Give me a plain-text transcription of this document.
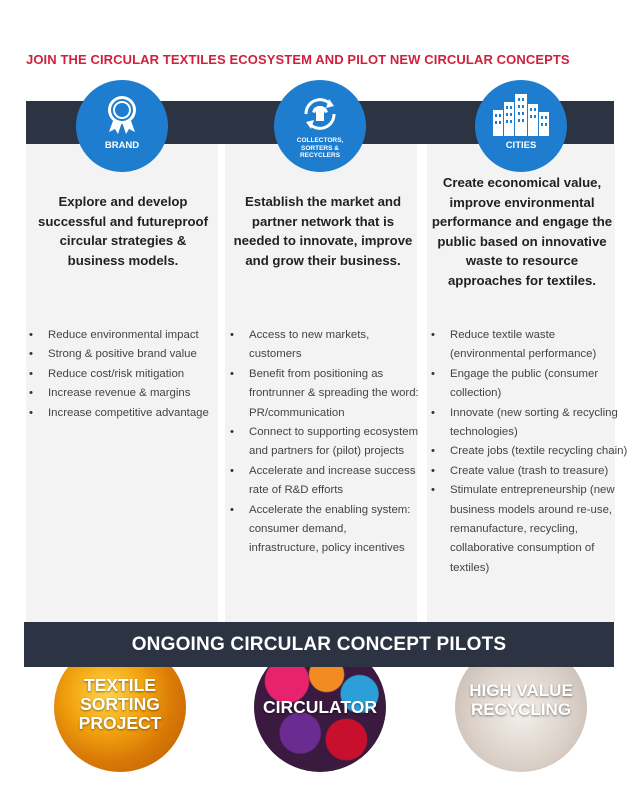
JOIN THE CIRCULAR TEXTILES ECOSYSTEM AND PILOT NEW CIRCULAR CONCEPTS
BRAND	COLLECTORS, SORTERS & RECYCLERS
CITIES
Explore and develop successful and futureproof circular strategies & business models.
Establish the market and partner network that is needed to innovate, improve and grow their business.
Create economical value, improve environmental performance and engage the public based on innovative waste to resource approaches for textiles.
• Reduce environmental impact
• Strong & positive brand value
• Reduce cost/risk mitigation
• Increase revenue & margins
• Increase competitive advantage
• Access to new markets, customers
• Benefit from positioning as frontrunner & spreading the word: PR/communication
• Connect to supporting ecosystem and partners for (pilot) projects
• Accelerate and increase success rate of R&D efforts
• Accelerate the enabling system: consumer demand, infrastructure, policy incentives
• Reduce textile waste (environmental performance)
• Engage the public (consumer collection)
• Innovate (new sorting & recycling technologies)
• Create jobs (textile recycling chain)
• Create value (trash to treasure)
• Stimulate entrepreneurship (new business models around re-use, remanufacture, recycling, collaborative consumption of textiles)
TEXTILE SORTING PROJECT
CIRCULATOR
HIGH VALUE RECYCLING
ONGOING CIRCULAR CONCEPT PILOTS
